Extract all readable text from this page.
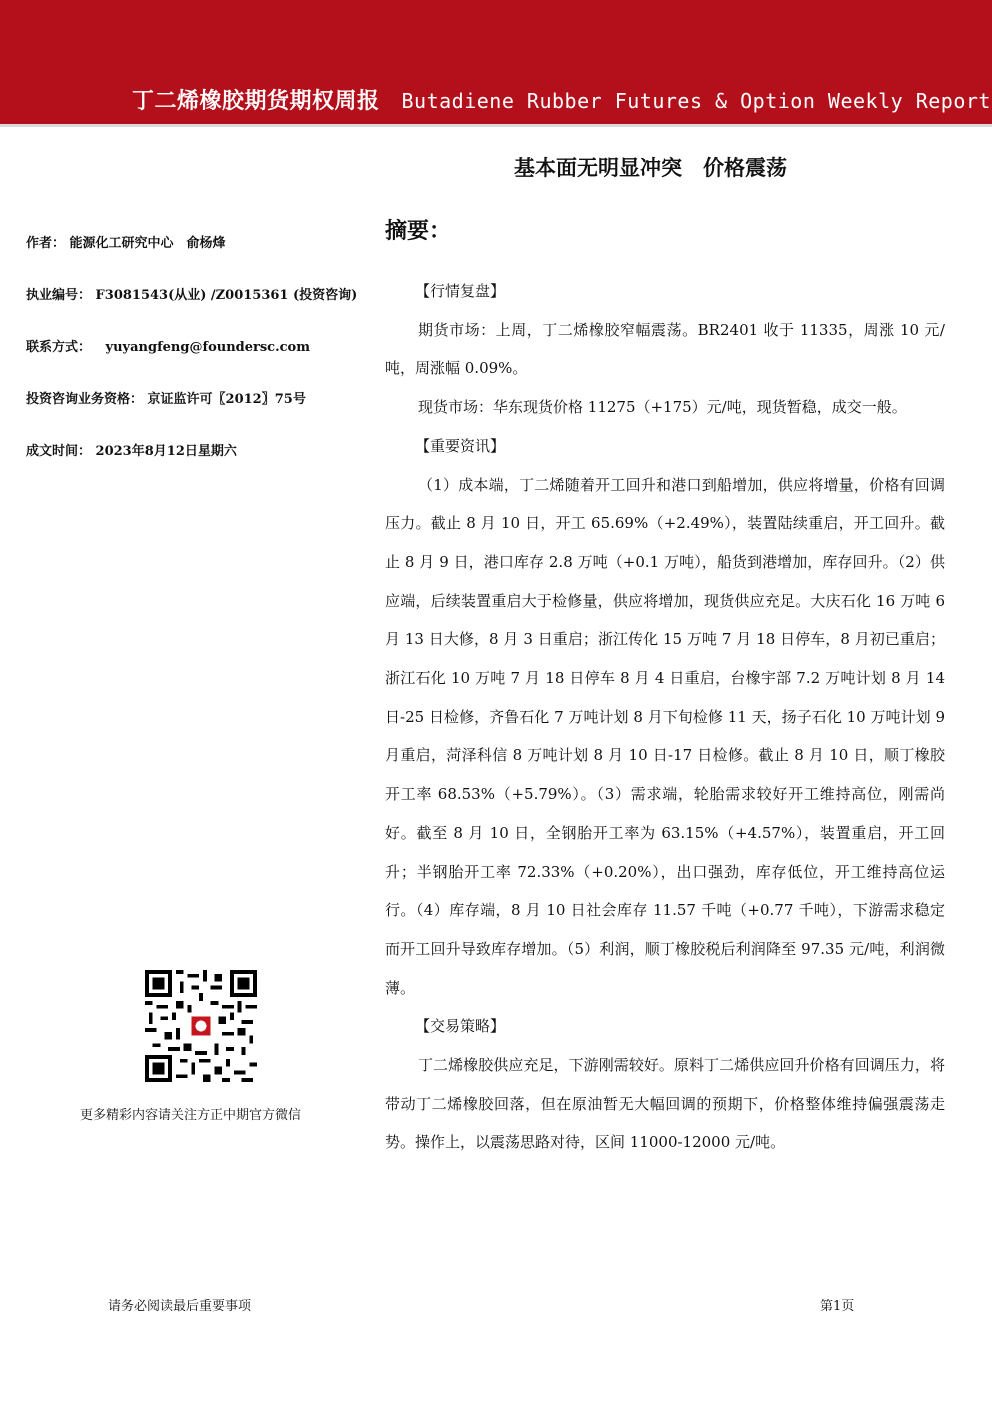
丁二烯橡胶期货期权周报 Butadiene Rubber Futures & Option Weekly Report
基本面无明显冲突　价格震荡
摘要：
作者： 能源化工研究中心　俞杨烽
执业编号： F3081543(从业) /Z0015361 (投资咨询)
联系方式： yuyangfeng@foundersc.com
投资咨询业务资格： 京证监许可〖2012〗75号
成文时间： 2023年8月12日星期六
更多精彩内容请关注方正中期官方微信

【行情复盘】

期货市场：上周，丁二烯橡胶窄幅震荡。BR2401 收于 11335，周涨 10 元/吨，周涨幅 0.09%。

现货市场：华东现货价格 11275（+175）元/吨，现货暂稳，成交一般。

【重要资讯】

（1）成本端，丁二烯随着开工回升和港口到船增加，供应将增量，价格有回调压力。截止 8 月 10 日，开工 65.69%（+2.49%），装置陆续重启，开工回升。截止 8 月 9 日，港口库存 2.8 万吨（+0.1 万吨），船货到港增加，库存回升。（2）供应端，后续装置重启大于检修量，供应将增加，现货供应充足。大庆石化 16 万吨 6 月 13 日大修，8 月 3 日重启；浙江传化 15 万吨 7 月 18 日停车，8 月初已重启；浙江石化 10 万吨 7 月 18 日停车 8 月 4 日重启，台橡宇部 7.2 万吨计划 8 月 14 日-25 日检修，齐鲁石化 7 万吨计划 8 月下旬检修 11 天，扬子石化 10 万吨计划 9 月重启，菏泽科信 8 万吨计划 8 月 10 日-17 日检修。截止 8 月 10 日，顺丁橡胶开工率 68.53%（+5.79%）。（3）需求端，轮胎需求较好开工维持高位，刚需尚好。截至 8 月 10 日，全钢胎开工率为 63.15%（+4.57%），装置重启，开工回升；半钢胎开工率 72.33%（+0.20%），出口强劲，库存低位，开工维持高位运行。（4）库存端，8 月 10 日社会库存 11.57 千吨（+0.77 千吨），下游需求稳定而开工回升导致库存增加。（5）利润，顺丁橡胶税后利润降至 97.35 元/吨，利润微薄。

【交易策略】

丁二烯橡胶供应充足，下游刚需较好。原料丁二烯供应回升价格有回调压力，将带动丁二烯橡胶回落，但在原油暂无大幅回调的预期下，价格整体维持偏强震荡走势。操作上，以震荡思路对待，区间 11000-12000 元/吨。

请务必阅读最后重要事项	第1页
